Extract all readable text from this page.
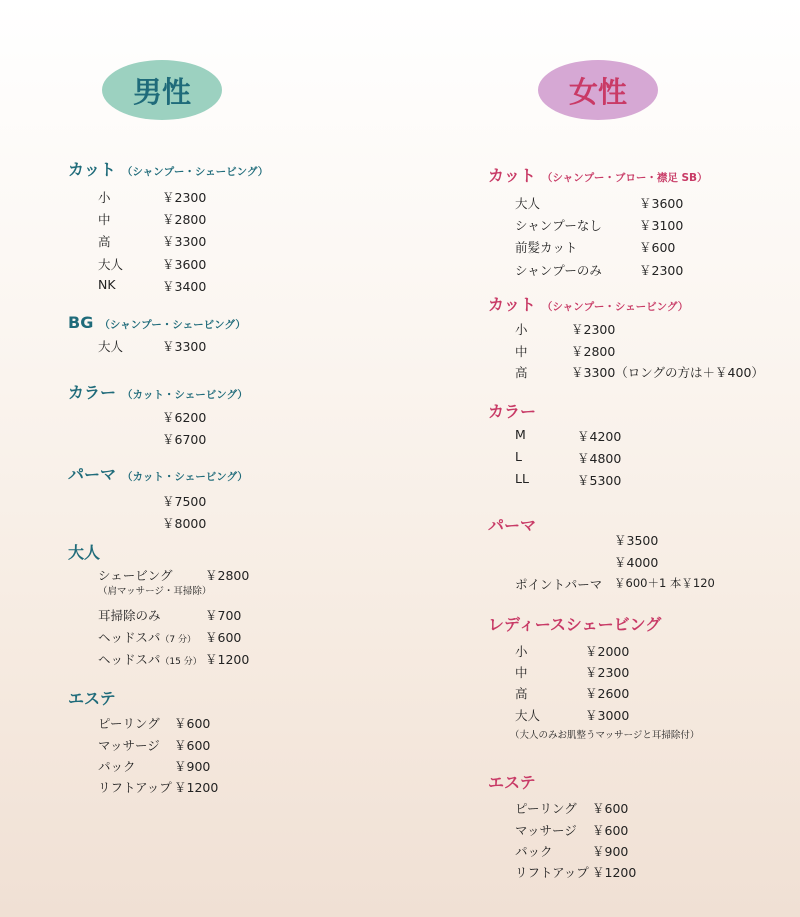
男性
カット （シャンプー・シェービング）
小	￥2300
中	￥2800
高	￥3300
大人	￥3600
NK	￥3400
BG （シャンプー・シェービング）
大人	￥3300
カラー （カット・シェービング）
￥6200
￥6700
パーマ （カット・シェービング）
￥7500
￥8000
大人
シェービング	￥2800
（肩マッサージ・耳掃除）
耳掃除のみ	￥700
ヘッドスパ（7 分） ￥600
ヘッドスパ（15 分） ￥1200
エステ
ピーリング ￥600
マッサージ ￥600
パック	￥900
リフトアップ ￥1200
女性
カット （シャンプー・ブロー・襟足 SB）
大人	￥3600
シャンプーなし	￥3100
前髪カット	￥600
シャンプーのみ	￥2300
カット （シャンプー・シェービング）
小	￥2300
中	￥2800
高	￥3300（ロングの方は＋￥400）
カラー
M	￥4200
L	￥4800
LL	￥5300
パーマ
￥3500
￥4000
ポイントパーマ ￥600＋1 本￥120
レディースシェービング
小	￥2000
中	￥2300
高	￥2600
大人	￥3000
（大人のみお肌整うマッサージと耳掃除付）
エステ
ピーリング ￥600
マッサージ ￥600
パック	￥900
リフトアップ ￥1200
